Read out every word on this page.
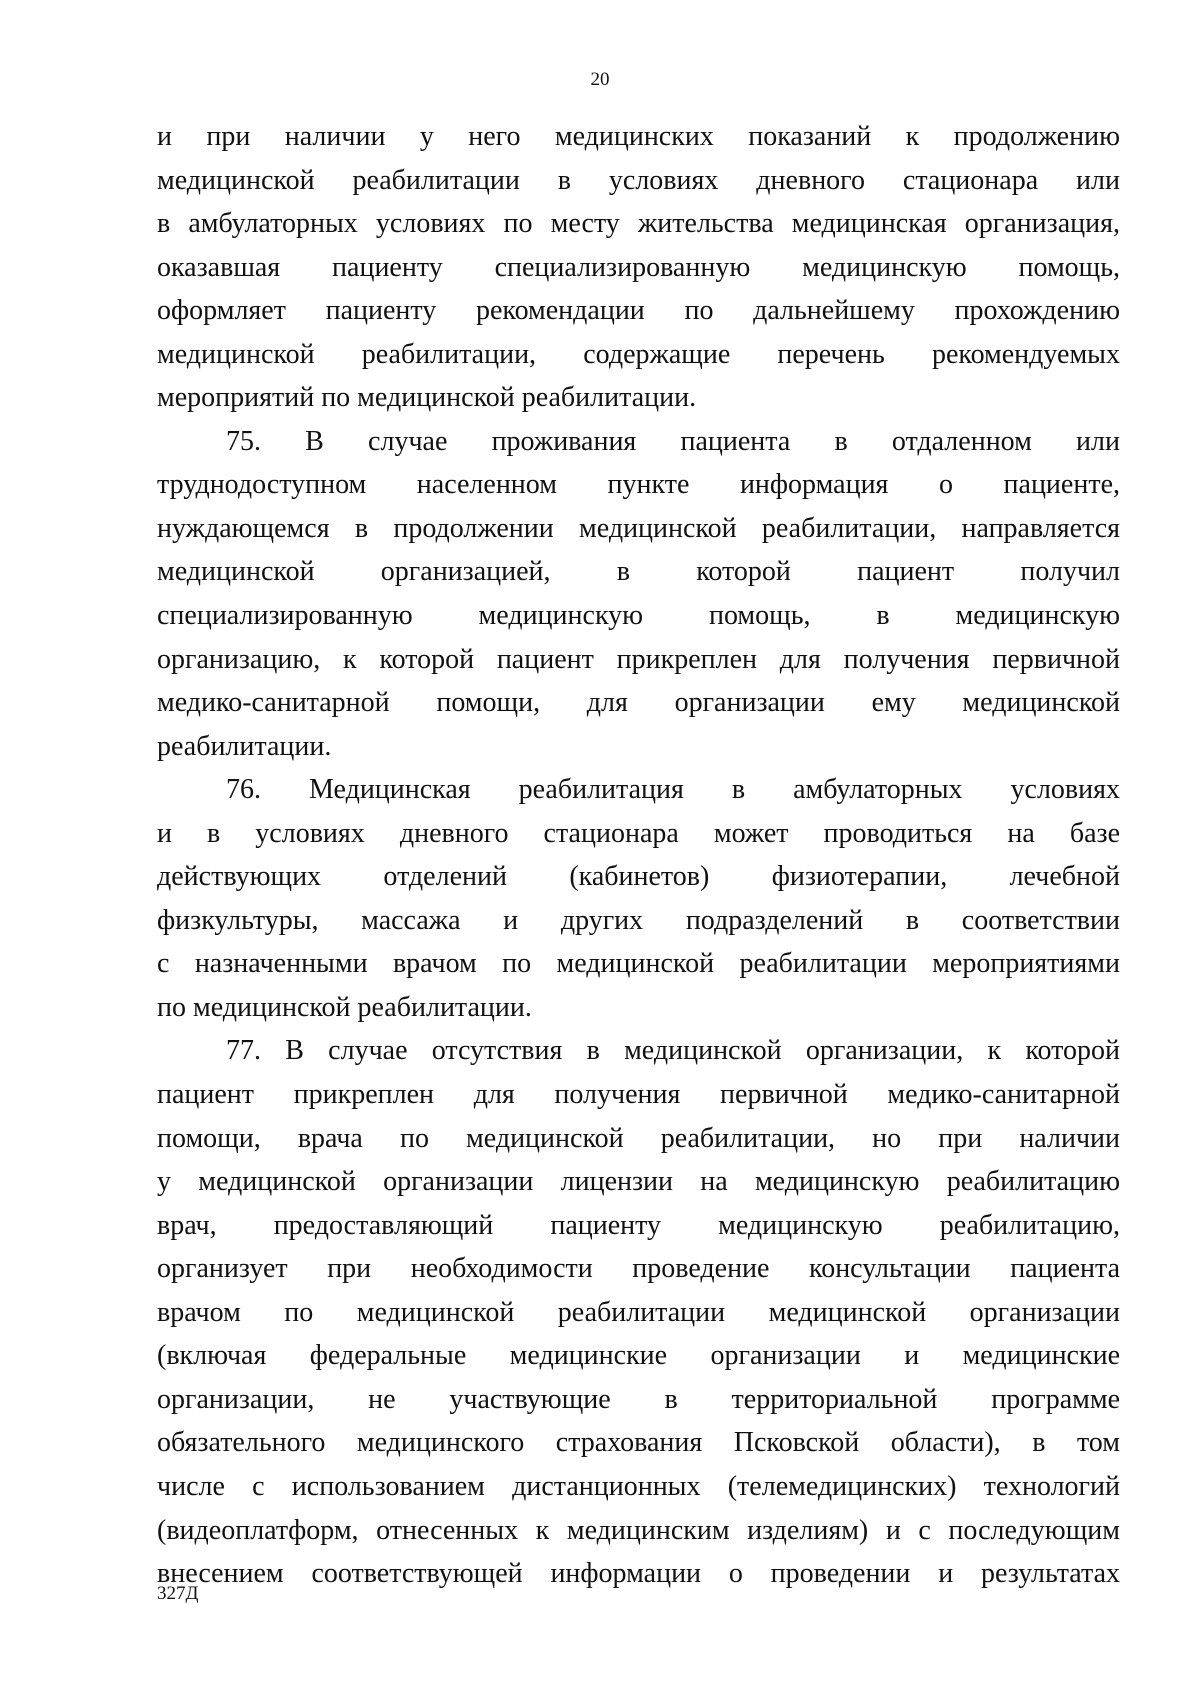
20

и при наличии у него медицинских показаний к продолжению
медицинской реабилитации в условиях дневного стационара или
в амбулаторных условиях по месту жительства медицинская организация,
оказавшая пациенту специализированную медицинскую помощь,
оформляет пациенту рекомендации по дальнейшему прохождению
медицинской реабилитации, содержащие перечень рекомендуемых
мероприятий по медицинской реабилитации.

75. В случае проживания пациента в отдаленном или
труднодоступном населенном пункте информация о пациенте,
нуждающемся в продолжении медицинской реабилитации, направляется
медицинской организацией, в которой пациент получил
специализированную медицинскую помощь, в медицинскую
организацию, к которой пациент прикреплен для получения первичной
медико-санитарной помощи, для организации ему медицинской
реабилитации.

76. Медицинская реабилитация в амбулаторных условиях
и в условиях дневного стационара может проводиться на базе
действующих отделений (кабинетов) физиотерапии, лечебной
физкультуры, массажа и других подразделений в соответствии
с назначенными врачом по медицинской реабилитации мероприятиями
по медицинской реабилитации.

77. В случае отсутствия в медицинской организации, к которой
пациент прикреплен для получения первичной медико-санитарной
помощи, врача по медицинской реабилитации, но при наличии
у медицинской организации лицензии на медицинскую реабилитацию
врач, предоставляющий пациенту медицинскую реабилитацию,
организует при необходимости проведение консультации пациента
врачом по медицинской реабилитации медицинской организации
(включая федеральные медицинские организации и медицинские
организации, не участвующие в территориальной программе
обязательного медицинского страхования Псковской области), в том
числе с использованием дистанционных (телемедицинских) технологий
(видеоплатформ, отнесенных к медицинским изделиям) и с последующим
внесением соответствующей информации о проведении и результатах

327Д
